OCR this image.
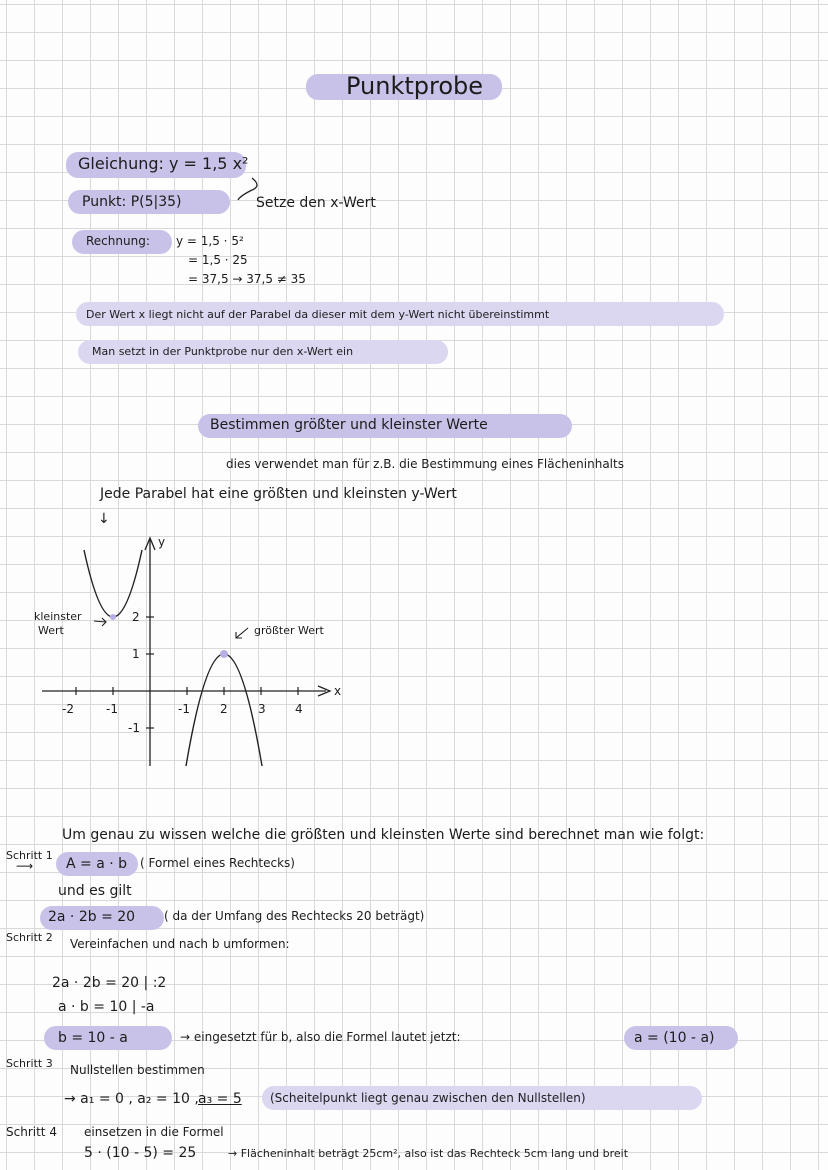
Punktprobe
Gleichung: y = 1,5 x²
Punkt: P(5|35)	Setze den x-Wert
Rechnung: y = 1,5 · 5²
= 1,5 · 25
= 37,5 → 37,5 ≠ 35
Der Wert x liegt nicht auf der Parabel da dieser mit dem y-Wert nicht übereinstimmt
Man setzt in der Punktprobe nur den x-Wert ein
Bestimmen größter und kleinster Werte
dies verwendet man für z.B. die Bestimmung eines Flächeninhalts
Jede Parabel hat eine größten und kleinsten y-Wert
↓
-2	-1	-1	2	3 4
2
1
-1
x
y
kleinster
Wert	größter Wert
Um genau zu wissen welche die größten und kleinsten Werte sind berechnet man wie folgt:
Schritt 1
⟶ A = a · b ( Formel eines Rechtecks)
und es gilt
2a · 2b = 20 ( da der Umfang des Rechtecks 20 beträgt)
Schritt 2 Vereinfachen und nach b umformen:
2a · 2b = 20 | :2
a · b = 10 | -a
b = 10 - a	→ eingesetzt für b, also die Formel lautet jetzt:	a = (10 - a)
Schritt 3 Nullstellen bestimmen
→ a₁ = 0 , a₂ = 10 , a₃ = 5 (Scheitelpunkt liegt genau zwischen den Nullstellen)
Schritt 4 einsetzen in die Formel
5 · (10 - 5) = 25	→ Flächeninhalt beträgt 25cm², also ist das Rechteck 5cm lang und breit
